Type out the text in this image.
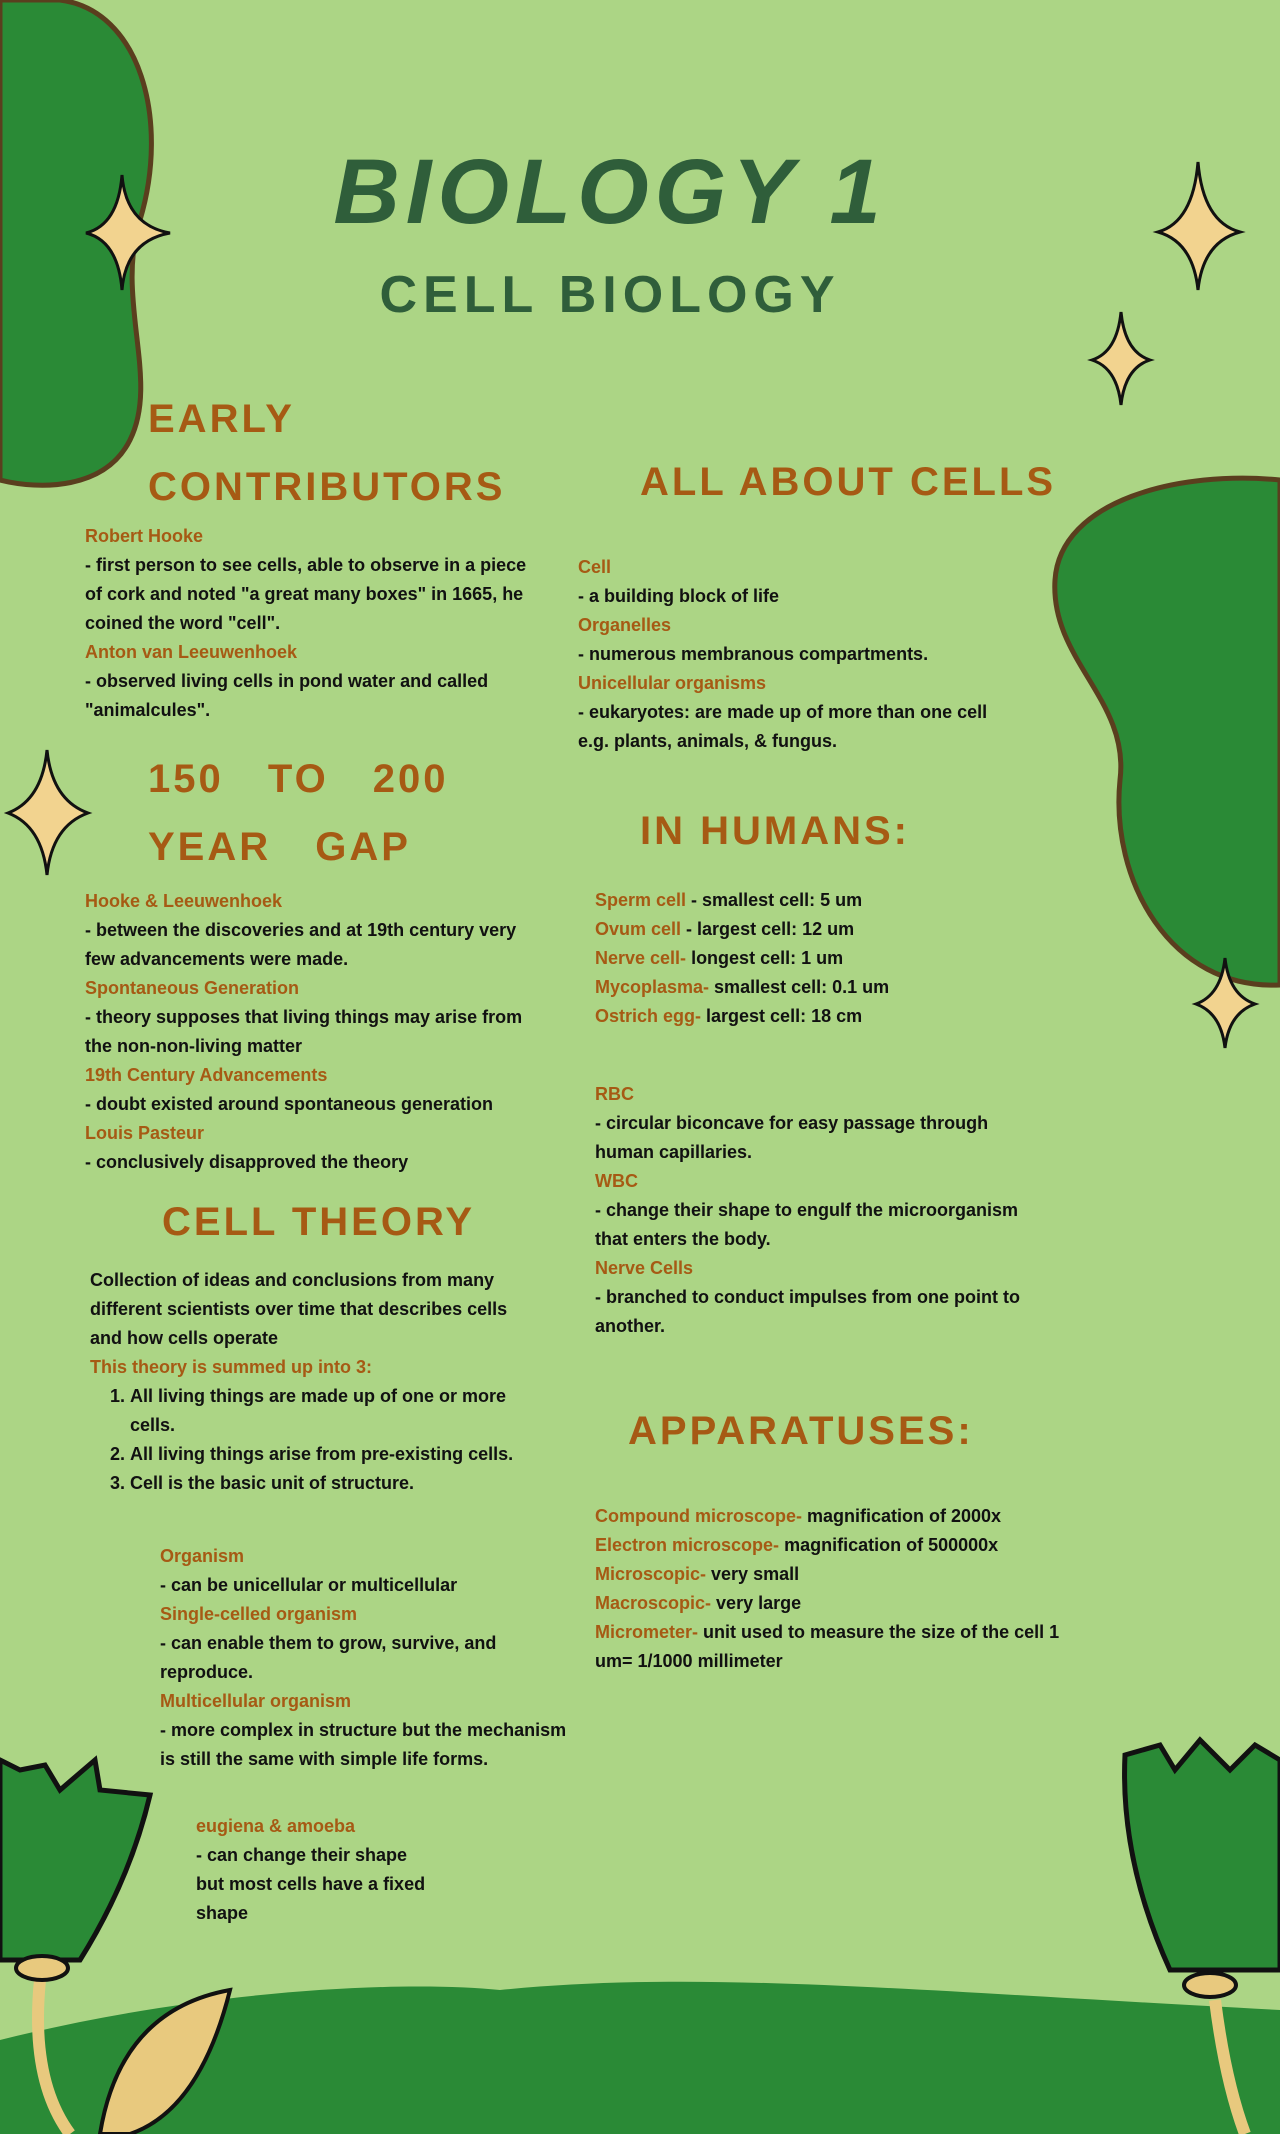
BIOLOGY 1
CELL BIOLOGY
EARLY CONTRIBUTORS

Robert Hooke

- first person to see cells, able to observe in a piece of cork and noted "a great many boxes" in 1665, he coined the word "cell".

Anton van Leeuwenhoek

- observed living cells in pond water and called "animalcules".

150 TO 200 YEAR GAP

Hooke & Leeuwenhoek

- between the discoveries and at 19th century very few advancements were made.

Spontaneous Generation

- theory supposes that living things may arise from the non-non-living matter

19th Century Advancements

- doubt existed around spontaneous generation

Louis Pasteur

- conclusively disapproved the theory

CELL THEORY

Collection of ideas and conclusions from many different scientists over time that describes cells and how cells operate

This theory is summed up into 3:

1. All living things are made up of one or more cells.
2. All living things arise from pre-existing cells.
3. Cell is the basic unit of structure.

Organism

- can be unicellular or multicellular

Single-celled organism

- can enable them to grow, survive, and reproduce.

Multicellular organism

- more complex in structure but the mechanism is still the same with simple life forms.

eugiena & amoeba

- can change their shape but most cells have a fixed shape

ALL ABOUT CELLS

Cell

- a building block of life

Organelles

- numerous membranous compartments.

Unicellular organisms

- eukaryotes: are made up of more than one cell e.g. plants, animals, & fungus.

IN HUMANS:

Sperm cell - smallest cell: 5 um

Ovum cell - largest cell: 12 um

Nerve cell- longest cell: 1 um

Mycoplasma- smallest cell: 0.1 um

Ostrich egg- largest cell: 18 cm

RBC

- circular biconcave for easy passage through human capillaries.

WBC

- change their shape to engulf the microorganism that enters the body.

Nerve Cells

- branched to conduct impulses from one point to another.

APPARATUSES:

Compound microscope- magnification of 2000x

Electron microscope- magnification of 500000x

Microscopic- very small

Macroscopic- very large

Micrometer- unit used to measure the size of the cell 1 um= 1/1000 millimeter
